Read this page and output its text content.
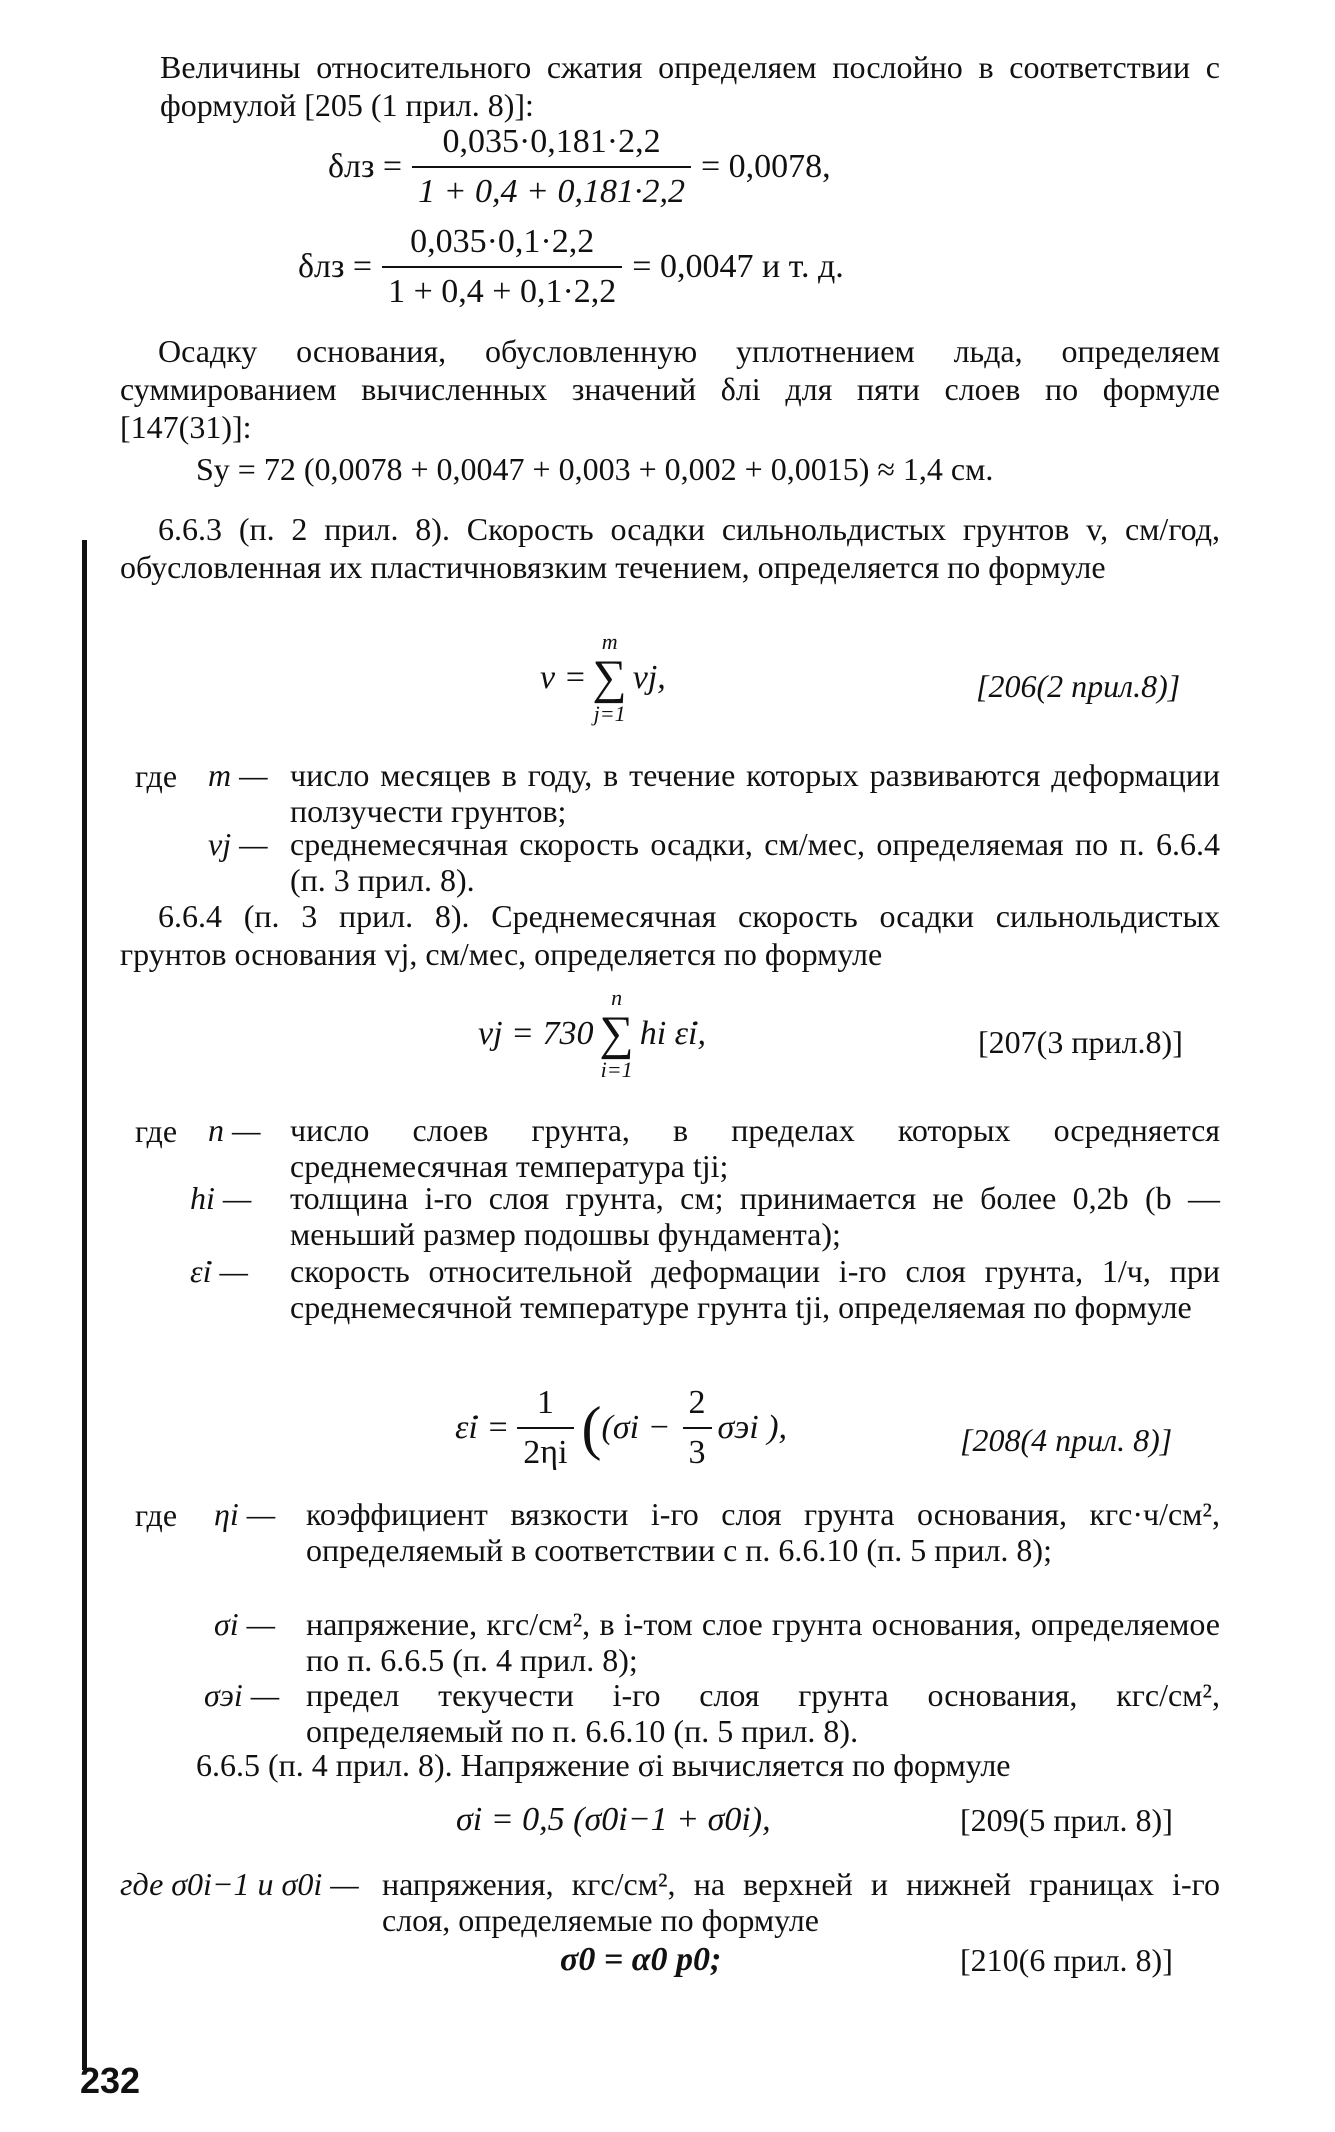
Величины относительного сжатия определяем послойно в соответствии с формулой [205 (1 прил. 8)]:
$\delta лз = \frac{0,035\cdot 0,181\cdot 2,2}{1 + 0,4 + 0,181\cdot 2,2} = 0,0078$,
$\delta лз = \frac{0,035\cdot 0,1\cdot 2,2}{1 + 0,4 + 0,1\cdot 2,2} = 0,0047$ и т. д.
Осадку основания, обусловленную уплотнением льда, определяем суммированием вычисленных значений δлi для пяти слоев по формуле [147(31)]:
Sу = 72 (0,0078 + 0,0047 + 0,003 + 0,002 + 0,0015) ≈ 1,4 см.
6.6.3 (п. 2 прил. 8). Скорость осадки сильнольдистых грунтов v, см/год, обусловленная их пластичновязким течением, определяется по формуле
v =
m
∑
j=1
vj,	[206(2 прил.8)]
где m — число месяцев в году, в течение которых развиваются деформации ползучести грунтов;
vj — среднемесячная скорость осадки, см/мес, определяемая по п. 6.6.4 (п. 3 прил. 8).
6.6.4 (п. 3 прил. 8). Среднемесячная скорость осадки сильнольдистых грунтов основания vj, см/мес, определяется по формуле
vj = 730
n
∑
i=1
hi ε̇i,	[207(3 прил.8)]
где n — число слоев грунта, в пределах которых осредняется среднемесячная температура tji;
hi — толщина i-го слоя грунта, см; принимается не более 0,2b (b — меньший размер подошвы фундамента);
ε̇i — скорость относительной деформации i-го слоя грунта, 1/ч, при среднемесячной температуре грунта tji, определяемая по формуле
ε̇i = $\frac{1}{2\eta i}$ ( ($\sigma i - \frac{2}{3}$ σэi ),	[208(4 прил. 8)]
где ηi — коэффициент вязкости i-го слоя грунта основания, кгс·ч/см², определяемый в соответствии с п. 6.6.10 (п. 5 прил. 8);
σi — напряжение, кгс/см², в i-том слое грунта основания, определяемое по п. 6.6.5 (п. 4 прил. 8);
σэi — предел текучести i-го слоя грунта основания, кгс/см², определяемый по п. 6.6.10 (п. 5 прил. 8).
6.6.5 (п. 4 прил. 8). Напряжение σi вычисляется по формуле
σi = 0,5 (σ0i−1 + σ0i),	[209(5 прил. 8)]
где σ0i−1 и σ0i — напряжения, кгс/см², на верхней и нижней границах i-го слоя, определяемые по формуле
σ0 = α0 p0;	[210(6 прил. 8)]
232
